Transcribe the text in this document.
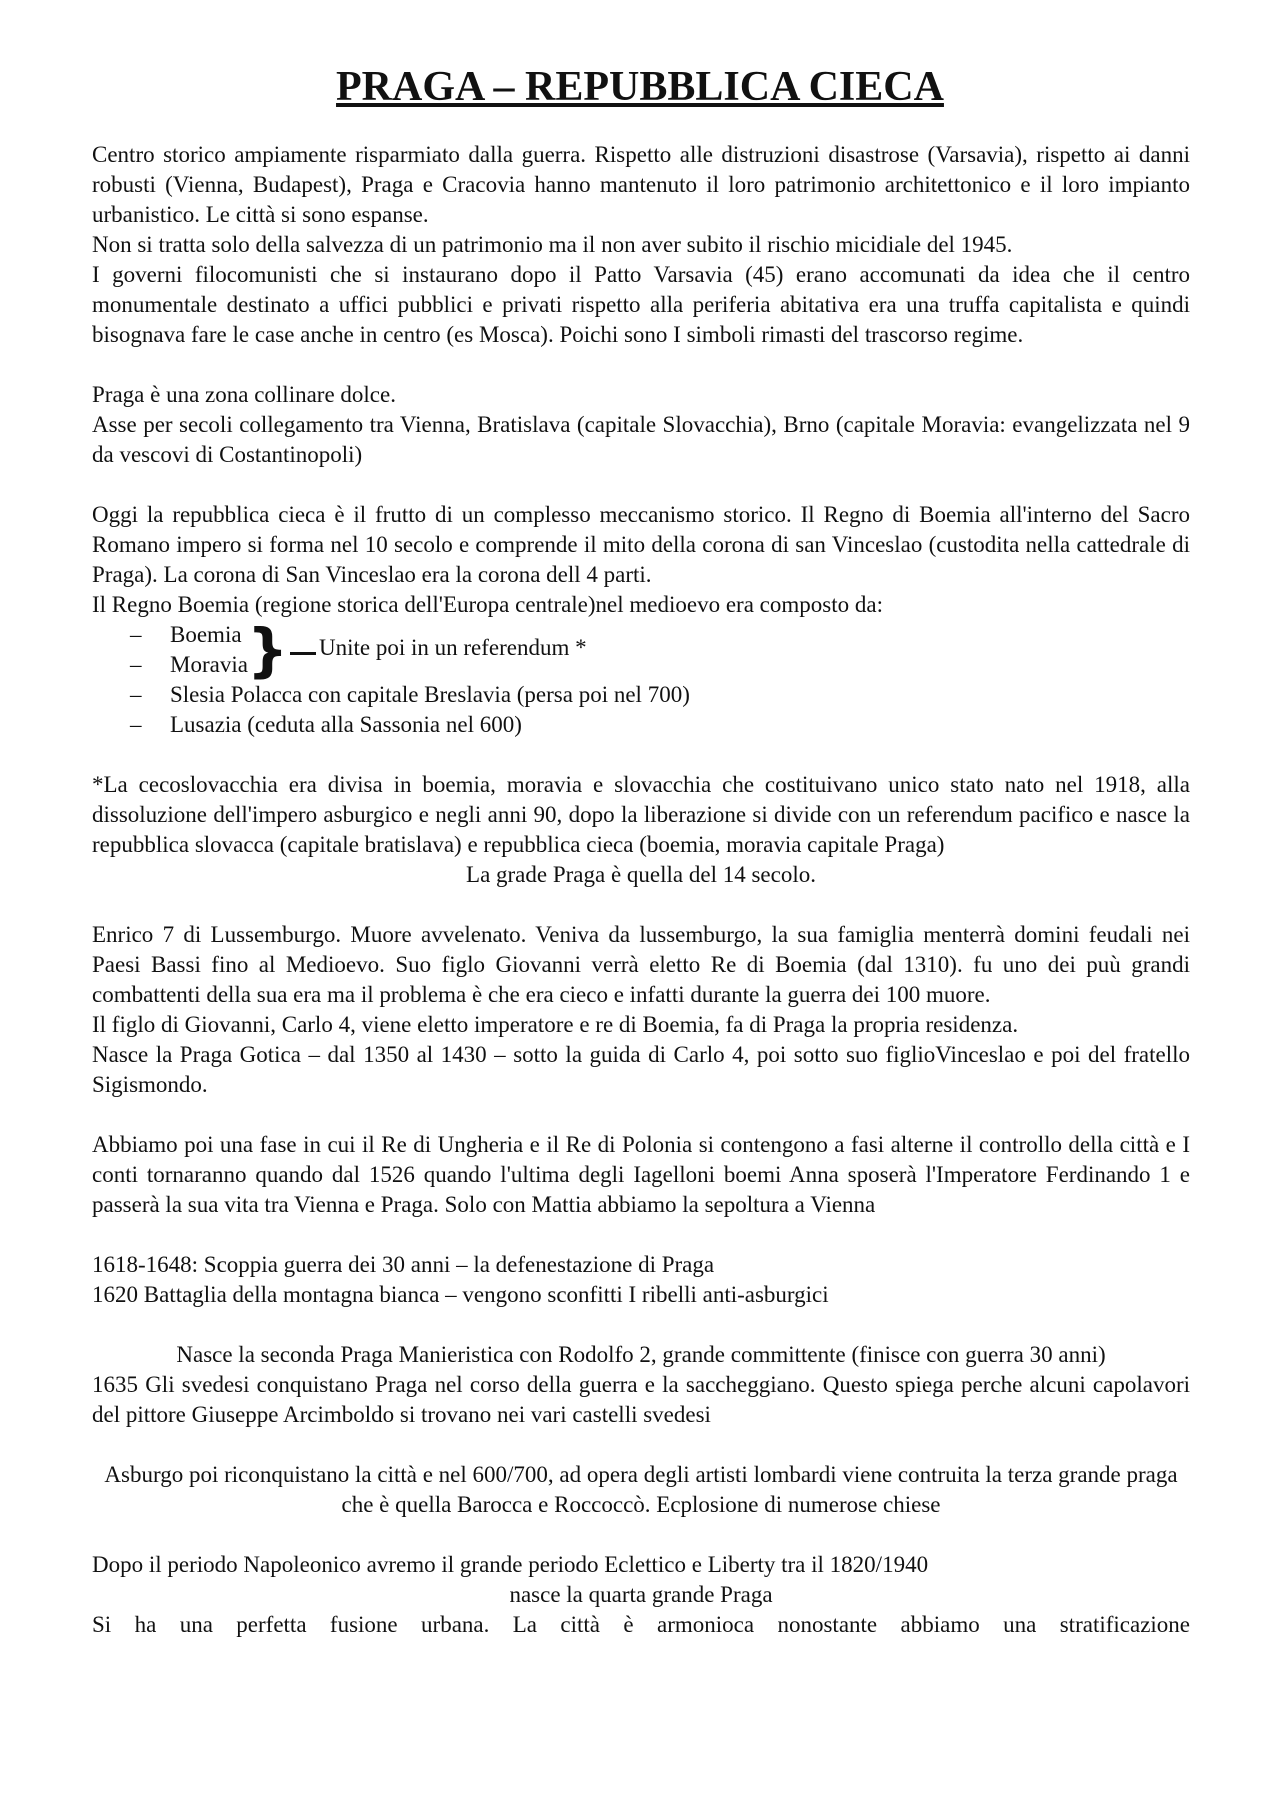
PRAGA – REPUBBLICA CIECA

Centro storico ampiamente risparmiato dalla guerra. Rispetto alle distruzioni disastrose (Varsavia), rispetto ai danni robusti (Vienna, Budapest), Praga e Cracovia hanno mantenuto il loro patrimonio architettonico e il loro impianto urbanistico. Le città si sono espanse.

Non si tratta solo della salvezza di un patrimonio ma il non aver subito il rischio micidiale del 1945.

I governi filocomunisti che si instaurano dopo il Patto Varsavia (45) erano accomunati da idea che il centro monumentale destinato a uffici pubblici e privati rispetto alla periferia abitativa era una truffa capitalista e quindi bisognava fare le case anche in centro (es Mosca). Poichi sono I simboli rimasti del trascorso regime.

Praga è una zona collinare dolce.

Asse per secoli collegamento tra Vienna, Bratislava (capitale Slovacchia), Brno (capitale Moravia: evangelizzata nel 9 da vescovi di Costantinopoli)

Oggi la repubblica cieca è il frutto di un complesso meccanismo storico. Il Regno di Boemia all'interno del Sacro Romano impero si forma nel 10 secolo e comprende il mito della corona di san Vinceslao (custodita nella cattedrale di Praga). La corona di San Vinceslao era la corona dell 4 parti.

Il Regno Boemia (regione storica dell'Europa centrale)nel medioevo era composto da:

– Boemia
– Moravia
– Slesia Polacca con capitale Breslavia (persa poi nel 700)
– Lusazia (ceduta alla Sassonia nel 600)
} Unite poi in un referendum *

*La cecoslovacchia era divisa in boemia, moravia e slovacchia che costituivano unico stato nato nel 1918, alla dissoluzione dell'impero asburgico e negli anni 90, dopo la liberazione si divide con un referendum pacifico e nasce la repubblica slovacca (capitale bratislava) e repubblica cieca (boemia, moravia capitale Praga)

La grade Praga è quella del 14 secolo.

Enrico 7 di Lussemburgo. Muore avvelenato. Veniva da lussemburgo, la sua famiglia menterrà domini feudali nei Paesi Bassi fino al Medioevo. Suo figlo Giovanni verrà eletto Re di Boemia (dal 1310). fu uno dei puù grandi combattenti della sua era ma il problema è che era cieco e infatti durante la guerra dei 100 muore.

Il figlo di Giovanni, Carlo 4, viene eletto imperatore e re di Boemia, fa di Praga la propria residenza.

Nasce la Praga Gotica – dal 1350 al 1430 – sotto la guida di Carlo 4, poi sotto suo figlioVinceslao e poi del fratello Sigismondo.

Abbiamo poi una fase in cui il Re di Ungheria e il Re di Polonia si contengono a fasi alterne il controllo della città e I conti tornaranno quando dal 1526 quando l'ultima degli Iagelloni boemi Anna sposerà l'Imperatore Ferdinando 1 e passerà la sua vita tra Vienna e Praga. Solo con Mattia abbiamo la sepoltura a Vienna

1618-1648: Scoppia guerra dei 30 anni – la defenestazione di Praga

1620 Battaglia della montagna bianca – vengono sconfitti I ribelli anti-asburgici

Nasce la seconda Praga Manieristica con Rodolfo 2, grande committente (finisce con guerra 30 anni)

1635 Gli svedesi conquistano Praga nel corso della guerra e la saccheggiano. Questo spiega perche alcuni capolavori del pittore Giuseppe Arcimboldo si trovano nei vari castelli svedesi

Asburgo poi riconquistano la città e nel 600/700, ad opera degli artisti lombardi viene contruita la terza grande praga che è quella Barocca e Roccoccò. Ecplosione di numerose chiese

Dopo il periodo Napoleonico avremo il grande periodo Eclettico e Liberty tra il 1820/1940

nasce la quarta grande Praga

Si ha una perfetta fusione urbana. La città è armonioca nonostante abbiamo una stratificazione
